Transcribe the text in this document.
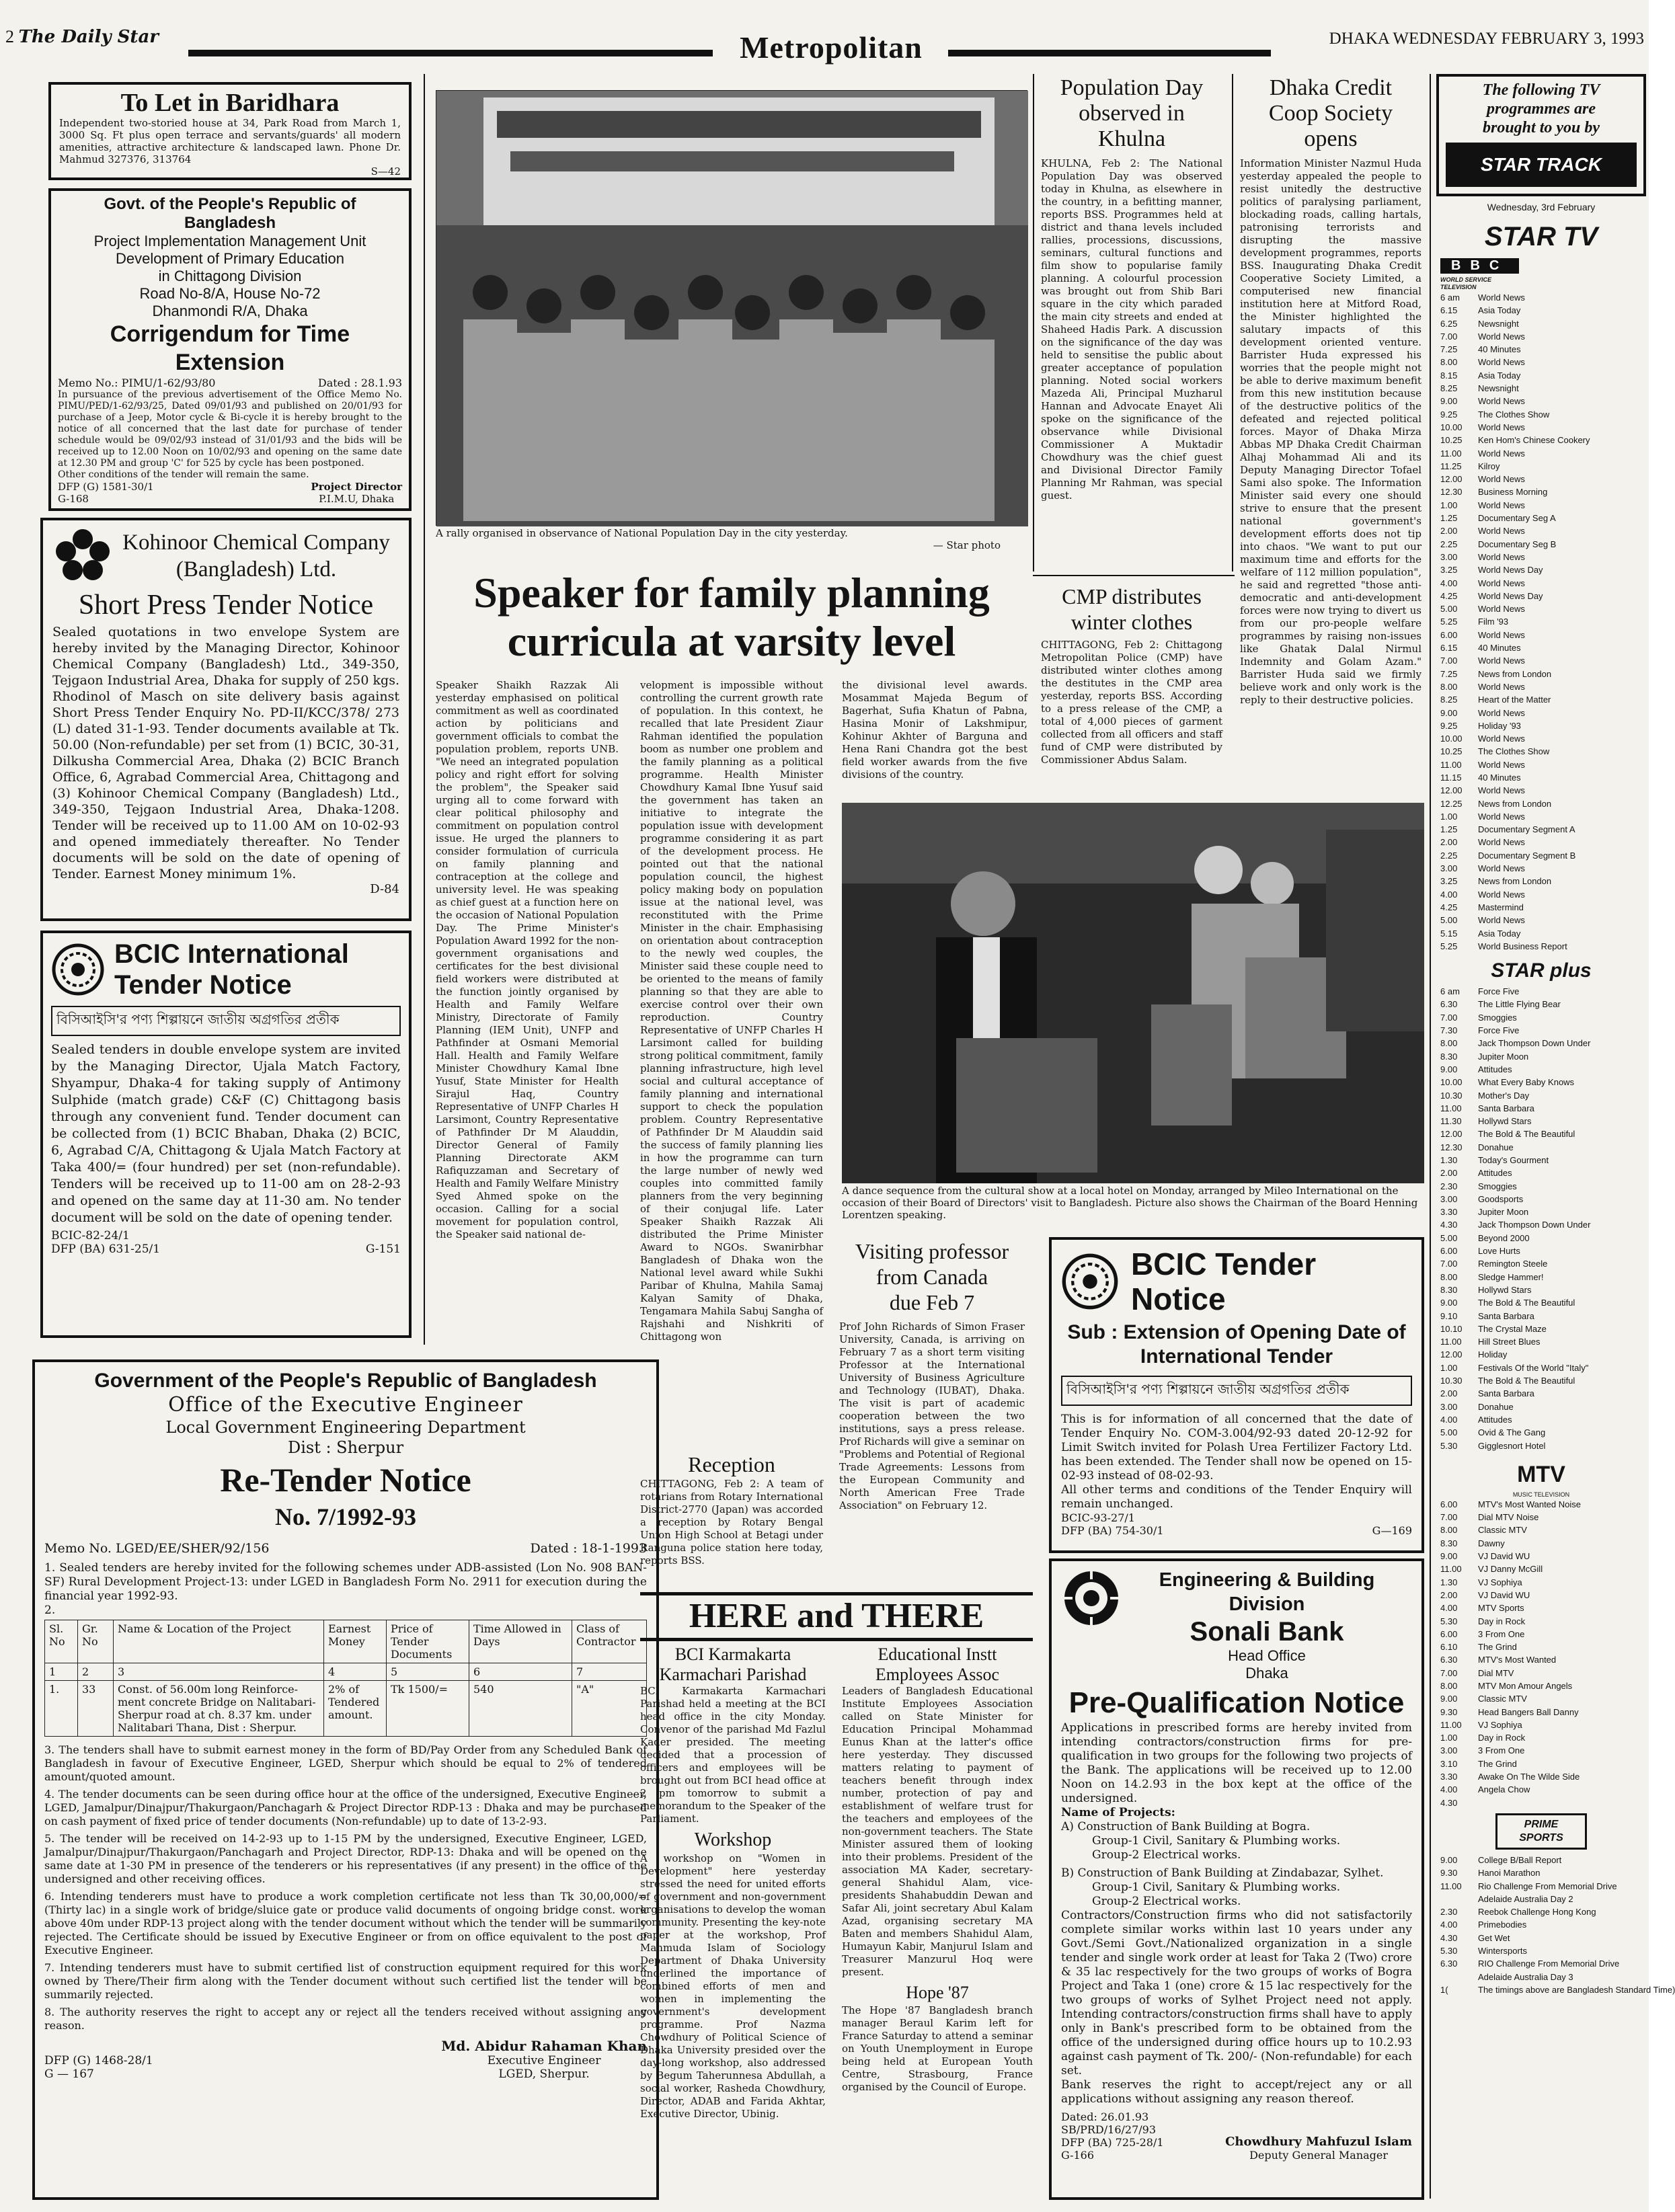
2 The Daily Star	Metropolitan	DHAKA WEDNESDAY FEBRUARY 3, 1993
To Let in Baridhara
Independent two-storied house at 34, Park Road from March 1, 3000 Sq. Ft plus open terrace and servants/guards' all modern amenities, attractive architecture & landscaped lawn. Phone Dr. Mahmud 327376, 313764
S—42
Govt. of the People's Republic of Bangladesh
Project Implementation Management Unit
Development of Primary Education
in Chittagong Division
Road No-8/A, House No-72
Dhanmondi R/A, Dhaka
Corrigendum for Time Extension
Memo No.: PIMU/1-62/93/80	Dated : 28.1.93
In pursuance of the previous advertisement of the Office Memo No. PIMU/PED/1-62/93/25, Dated 09/01/93 and published on 20/01/93 for purchase of a Jeep, Motor cycle & Bi-cycle it is hereby brought to the notice of all concerned that the last date for purchase of tender schedule would be 09/02/93 instead of 31/01/93 and the bids will be received up to 12.00 Noon on 10/02/93 and opening on the same date at 12.30 PM and group 'C' for 525 by cycle has been postponed.
Other conditions of the tender will remain the same.
DFP (G) 1581-30/1
G-168
Project Director
P.I.M.U, Dhaka
Kohinoor Chemical Company
(Bangladesh) Ltd.
Short Press Tender Notice
Sealed quotations in two envelope System are hereby invited by the Managing Director, Kohinoor Chemical Company (Bangladesh) Ltd., 349-350, Tejgaon Industrial Area, Dhaka for supply of 250 kgs. Rhodinol of Masch on site delivery basis against Short Press Tender Enquiry No. PD-II/KCC/378/ 273 (L) dated 31-1-93. Tender documents available at Tk. 50.00 (Non-refundable) per set from (1) BCIC, 30-31, Dilkusha Commercial Area, Dhaka (2) BCIC Branch Office, 6, Agrabad Commercial Area, Chittagong and (3) Kohinoor Chemical Company (Bangladesh) Ltd., 349-350, Tejgaon Industrial Area, Dhaka-1208. Tender will be received up to 11.00 AM on 10-02-93 and opened immediately thereafter. No Tender documents will be sold on the date of opening of Tender. Earnest Money minimum 1%.
D-84
BCIC International
Tender Notice
বিসিআইসি'র পণ্য শিল্পায়নে জাতীয় অগ্রগতির প্রতীক
Sealed tenders in double envelope system are invited by the Managing Director, Ujala Match Factory, Shyampur, Dhaka-4 for taking supply of Antimony Sulphide (match grade) C&F (C) Chittagong basis through any convenient fund. Tender document can be collected from (1) BCIC Bhaban, Dhaka (2) BCIC, 6, Agrabad C/A, Chittagong & Ujala Match Factory at Taka 400/= (four hundred) per set (non-refundable). Tenders will be received up to 11-00 am on 28-2-93 and opened on the same day at 11-30 am. No tender document will be sold on the date of opening tender.
BCIC-82-24/1
DFP (BA) 631-25/1	G-151
Government of the People's Republic of Bangladesh
Office of the Executive Engineer
Local Government Engineering Department
Dist : Sherpur
Re-Tender Notice
No. 7/1992-93
Memo No. LGED/EE/SHER/92/156	Dated : 18-1-1993
1. Sealed tenders are hereby invited for the following schemes under ADB-assisted (Lon No. 908 BAN-SF) Rural Development Project-13: under LGED in Bangladesh Form No. 2911 for execution during the financial year 1992-93.
2.
Sl. No	Gr. No	Name & Location of the Project	Earnest Money	Price of Tender Documents	Time Allowed in Days	Class of Contractor
1	2	3	4	5	6	7
1.	33	Const. of 56.00m long Reinforce-ment concrete Bridge on Nalitabari-Sherpur road at ch. 8.37 km. under Nalitabari Thana, Dist : Sherpur.	2% of Tendered amount.	Tk 1500/=	540	"A"

3. The tenders shall have to submit earnest money in the form of BD/Pay Order from any Scheduled Bank of Bangladesh in favour of Executive Engineer, LGED, Sherpur which should be equal to 2% of tendered amount/quoted amount.

4. The tender documents can be seen during office hour at the office of the undersigned, Executive Engineer, LGED, Jamalpur/Dinajpur/Thakurgaon/Panchagarh & Project Director RDP-13 : Dhaka and may be purchased on cash payment of fixed price of tender documents (Non-refundable) up to date of 13-2-93.

5. The tender will be received on 14-2-93 up to 1-15 PM by the undersigned, Executive Engineer, LGED, Jamalpur/Dinajpur/Thakurgaon/Panchagarh and Project Director, RDP-13: Dhaka and will be opened on the same date at 1-30 PM in presence of the tenderers or his representatives (if any present) in the office of the undersigned and other receiving offices.

6. Intending tenderers must have to produce a work completion certificate not less than Tk 30,00,000/= (Thirty lac) in a single work of bridge/sluice gate or produce valid documents of ongoing bridge const. work above 40m under RDP-13 project along with the tender document without which the tender will be summarily rejected. The Certificate should be issued by Executive Engineer or from on office equivalent to the post of Executive Engineer.

7. Intending tenderers must have to submit certified list of construction equipment required for this work owned by There/Their firm along with the Tender document without such certified list the tender will be summarily rejected.

8. The authority reserves the right to accept any or reject all the tenders received without assigning any reason.

DFP (G) 1468-28/1
G — 167
Md. Abidur Rahaman Khan
Executive Engineer
LGED, Sherpur.
A rally organised in observance of National Population Day in the city yesterday.
— Star photo
Speaker for family planning
curricula at varsity level
Speaker Shaikh Razzak Ali yesterday emphasised on political commitment as well as coordinated action by politicians and government officials to combat the population problem, reports UNB. "We need an integrated population policy and right effort for solving the problem", the Speaker said urging all to come forward with clear political philosophy and commitment on population control issue. He urged the planners to consider formulation of curricula on family planning and contraception at the college and university level. He was speaking as chief guest at a function here on the occasion of National Population Day. The Prime Minister's Population Award 1992 for the non-government organisations and certificates for the best divisional field workers were distributed at the function jointly organised by Health and Family Welfare Ministry, Directorate of Family Planning (IEM Unit), UNFP and Pathfinder at Osmani Memorial Hall. Health and Family Welfare Minister Chowdhury Kamal Ibne Yusuf, State Minister for Health Sirajul Haq, Country Representative of UNFP Charles H Larsimont, Country Representative of Pathfinder Dr M Alauddin, Director General of Family Planning Directorate AKM Rafiquzzaman and Secretary of Health and Family Welfare Ministry Syed Ahmed spoke on the occasion. Calling for a social movement for population control, the Speaker said national de-
velopment is impossible without controlling the current growth rate of population. In this context, he recalled that late President Ziaur Rahman identified the population boom as number one problem and the family planning as a political programme. Health Minister Chowdhury Kamal Ibne Yusuf said the government has taken an initiative to integrate the population issue with development programme considering it as part of the development process. He pointed out that the national population council, the highest policy making body on population issue at the national level, was reconstituted with the Prime Minister in the chair. Emphasising on orientation about contraception to the newly wed couples, the Minister said these couple need to be oriented to the means of family planning so that they are able to exercise control over their own reproduction. Country Representative of UNFP Charles H Larsimont called for building strong political commitment, family planning infrastructure, high level social and cultural acceptance of family planning and international support to check the population problem. Country Representative of Pathfinder Dr M Alauddin said the success of family planning lies in how the programme can turn the large number of newly wed couples into committed family planners from the very beginning of their conjugal life. Later Speaker Shaikh Razzak Ali distributed the Prime Minister Award to NGOs. Swanirbhar Bangladesh of Dhaka won the National level award while Sukhi Paribar of Khulna, Mahila Samaj Kalyan Samity of Dhaka, Tengamara Mahila Sabuj Sangha of Rajshahi and Nishkriti of Chittagong won
the divisional level awards. Mosammat Majeda Begum of Bagerhat, Sufia Khatun of Pabna, Hasina Monir of Lakshmipur, Kohinur Akhter of Barguna and Hena Rani Chandra got the best field worker awards from the five divisions of the country.
Population Day
observed in
Khulna
KHULNA, Feb 2: The National Population Day was observed today in Khulna, as elsewhere in the country, in a befitting manner, reports BSS. Programmes held at district and thana levels included rallies, processions, discussions, seminars, cultural functions and film show to popularise family planning. A colourful procession was brought out from Shib Bari square in the city which paraded the main city streets and ended at Shaheed Hadis Park. A discussion on the significance of the day was held to sensitise the public about greater acceptance of population planning. Noted social workers Mazeda Ali, Principal Muzharul Hannan and Advocate Enayet Ali spoke on the significance of the observance while Divisional Commissioner A Muktadir Chowdhury was the chief guest and Divisional Director Family Planning Mr Rahman, was special guest.
Dhaka Credit
Coop Society
opens
Information Minister Nazmul Huda yesterday appealed the people to resist unitedly the destructive politics of paralysing parliament, blockading roads, calling hartals, patronising terrorists and disrupting the massive development programmes, reports BSS. Inaugurating Dhaka Credit Cooperative Society Limited, a computerised new financial institution here at Mitford Road, the Minister highlighted the salutary impacts of this development oriented venture. Barrister Huda expressed his worries that the people might not be able to derive maximum benefit from this new institution because of the destructive politics of the defeated and rejected political forces. Mayor of Dhaka Mirza Abbas MP Dhaka Credit Chairman Alhaj Mohammad Ali and its Deputy Managing Director Tofael Sami also spoke. The Information Minister said every one should strive to ensure that the present national government's development efforts does not tip into chaos. "We want to put our maximum time and efforts for the welfare of 112 million population", he said and regretted "those anti-democratic and anti-development forces were now trying to divert us from our pro-people welfare programmes by raising non-issues like Ghatak Dalal Nirmul Indemnity and Golam Azam." Barrister Huda said we firmly believe work and only work is the reply to their destructive policies.
CMP distributes
winter clothes
CHITTAGONG, Feb 2: Chittagong Metropolitan Police (CMP) have distributed winter clothes among the destitutes in the CMP area yesterday, reports BSS. According to a press release of the CMP, a total of 4,000 pieces of garment collected from all officers and staff fund of CMP were distributed by Commissioner Abdus Salam.
A dance sequence from the cultural show at a local hotel on Monday, arranged by Mileo International on the occasion of their Board of Directors' visit to Bangladesh. Picture also shows the Chairman of the Board Henning Lorentzen speaking.
Visiting professor
from Canada
due Feb 7
Prof John Richards of Simon Fraser University, Canada, is arriving on February 7 as a short term visiting Professor at the International University of Business Agriculture and Technology (IUBAT), Dhaka. The visit is part of academic cooperation between the two institutions, says a press release. Prof Richards will give a seminar on "Problems and Potential of Regional Trade Agreements: Lessons from the European Community and North American Free Trade Association" on February 12.
Reception
CHITTAGONG, Feb 2: A team of rotarians from Rotary International District-2770 (Japan) was accorded a reception by Rotary Bengal Union High School at Betagi under Ranguna police station here today, reports BSS.
BCIC Tender
Notice
Sub : Extension of Opening Date of
International Tender
বিসিআইসি'র পণ্য শিল্পায়নে জাতীয় অগ্রগতির প্রতীক
This is for information of all concerned that the date of Tender Enquiry No. COM-3.004/92-93 dated 20-12-92 for Limit Switch invited for Polash Urea Fertilizer Factory Ltd. has been extended. The Tender shall now be opened on 15-02-93 instead of 08-02-93.
All other terms and conditions of the Tender Enquiry will remain unchanged.
BCIC-93-27/1
DFP (BA) 754-30/1	G—169
HERE and THERE
BCI Karmakarta
Karmachari Parishad
BCI Karmakarta Karmachari Parishad held a meeting at the BCI head office in the city Monday. Convenor of the parishad Md Fazlul Kader presided. The meeting decided that a procession of officers and employees will be brought out from BCI head office at 2 pm tomorrow to submit a memorandum to the Speaker of the Parliament.
Workshop
A workshop on "Women in Development" here yesterday stressed the need for united efforts of government and non-government organisations to develop the woman community. Presenting the key-note paper at the workshop, Prof Mahmuda Islam of Sociology Department of Dhaka University underlined the importance of combined efforts of men and women in implementing the government's development programme. Prof Nazma Chowdhury of Political Science of Dhaka University presided over the day-long workshop, also addressed by Begum Taherunnesa Abdullah, a social worker, Rasheda Chowdhury, Director, ADAB and Farida Akhtar, Executive Director, Ubinig.
Educational Instt
Employees Assoc
Leaders of Bangladesh Educational Institute Employees Association called on State Minister for Education Principal Mohammad Eunus Khan at the latter's office here yesterday. They discussed matters relating to payment of teachers benefit through index number, protection of pay and establishment of welfare trust for the teachers and employees of the non-government teachers. The State Minister assured them of looking into their problems. President of the association MA Kader, secretary-general Shahidul Alam, vice-presidents Shahabuddin Dewan and Safar Ali, joint secretary Abul Kalam Azad, organising secretary MA Baten and members Shahidul Alam, Humayun Kabir, Manjurul Islam and Treasurer Manzurul Hoq were present.
Hope '87
The Hope '87 Bangladesh branch manager Beraul Karim left for France Saturday to attend a seminar on Youth Unemployment in Europe being held at European Youth Centre, Strasbourg, France organised by the Council of Europe.
Engineering & Building Division
Sonali Bank
Head Office
Dhaka
Pre-Qualification Notice
Applications in prescribed forms are hereby invited from intending contractors/construction firms for pre-qualification in two groups for the following two projects of the Bank. The applications will be received up to 12.00 Noon on 14.2.93 in the box kept at the office of the undersigned.
Name of Projects:
A) Construction of Bank Building at Bogra.
Group-1 Civil, Sanitary & Plumbing works.
Group-2 Electrical works.
B) Construction of Bank Building at Zindabazar, Sylhet.
Group-1 Civil, Sanitary & Plumbing works.
Group-2 Electrical works.
Contractors/Construction firms who did not satisfactorily complete similar works within last 10 years under any Govt./Semi Govt./Nationalized organization in a single tender and single work order at least for Taka 2 (Two) crore & 35 lac respectively for the two groups of works of Bogra Project and Taka 1 (one) crore & 15 lac respectively for the two groups of works of Sylhet Project need not apply. Intending contractors/construction firms shall have to apply only in Bank's prescribed form to be obtained from the office of the undersigned during office hours up to 10.2.93 against cash payment of Tk. 200/- (Non-refundable) for each set.
Bank reserves the right to accept/reject any or all applications without assigning any reason thereof.
Dated: 26.01.93
SB/PRD/16/27/93
DFP (BA) 725-28/1
G-166
Chowdhury Mahfuzul Islam
Deputy General Manager
The following TV
programmes are
brought to you by
STAR TRACK
Wednesday, 3rd February
STAR TV
BBC
WORLD SERVICE TELEVISION
6 am World News
6.15 Asia Today
6.25 Newsnight
7.00 World News
7.25 40 Minutes
8.00 World News
8.15 Asia Today
8.25 Newsnight
9.00 World News
9.25 The Clothes Show
10.00 World News
10.25 Ken Hom's Chinese Cookery
11.00 World News
11.25 Kilroy
12.00 World News
12.30 Business Morning
1.00 World News
1.25 Documentary Seg A
2.00 World News
2.25 Documentary Seg B
3.00 World News
3.25 World News Day
4.00 World News
4.25 World News Day
5.00 World News
5.25 Film '93
6.00 World News
6.15 40 Minutes
7.00 World News
7.25 News from London
8.00 World News
8.25 Heart of the Matter
9.00 World News
9.25 Holiday '93
10.00 World News
10.25 The Clothes Show
11.00 World News
11.15 40 Minutes
12.00 World News
12.25 News from London
1.00 World News
1.25 Documentary Segment A
2.00 World News
2.25 Documentary Segment B
3.00 World News
3.25 News from London
4.00 World News
4.25 Mastermind
5.00 World News
5.15 Asia Today
5.25 World Business Report
STAR plus
6 am Force Five
6.30 The Little Flying Bear
7.00 Smoggies
7.30 Force Five
8.00 Jack Thompson Down Under
8.30 Jupiter Moon
9.00 Attitudes
10.00 What Every Baby Knows
10.30 Mother's Day
11.00 Santa Barbara
11.30 Hollywd Stars
12.00 The Bold & The Beautiful
12.30 Donahue
1.30 Today's Gourment
2.00 Attitudes
2.30 Smoggies
3.00 Goodsports
3.30 Jupiter Moon
4.30 Jack Thompson Down Under
5.00 Beyond 2000
6.00 Love Hurts
7.00 Remington Steele
8.00 Sledge Hammer!
8.30 Hollywd Stars
9.00 The Bold & The Beautiful
9.10 Santa Barbara
10.10 The Crystal Maze
11.00 Hill Street Blues
12.00 Holiday
1.00 Festivals Of the World "Italy"
10.30 The Bold & The Beautiful
2.00 Santa Barbara
3.00 Donahue
4.00 Attitudes
5.00 Ovid & The Gang
5.30 Gigglesnort Hotel
MTV
MUSIC TELEVISION
6.00 MTV's Most Wanted Noise
7.00 Dial MTV Noise
8.00 Classic MTV
8.30 Dawny
9.00 VJ David WU
11.00 VJ Danny McGill
1.30 VJ Sophiya
2.00 VJ David WU
4.00 MTV Sports
5.30 Day in Rock
6.00 3 From One
6.10 The Grind
6.30 MTV's Most Wanted
7.00 Dial MTV
8.00 MTV Mon Amour Angels
9.00 Classic MTV
9.30 Head Bangers Ball Danny
11.00 VJ Sophiya
1.00 Day in Rock
3.00 3 From One
3.10 The Grind
3.30 Awake On The Wilde Side
4.00 Angela Chow
4.30
PRIME SPORTS
9.00 College B/Ball Report
9.30 Hanoi Marathon
11.00 Rio Challenge From Memorial Drive
Adelaide Australia Day 2
2.30 Reebok Challenge Hong Kong
4.00 Primebodies
4.30 Get Wet
5.30 Wintersports
6.30 RIO Challenge From Memorial Drive
Adelaide Australia Day 3
1(	The timings above are Bangladesh Standard Time)
